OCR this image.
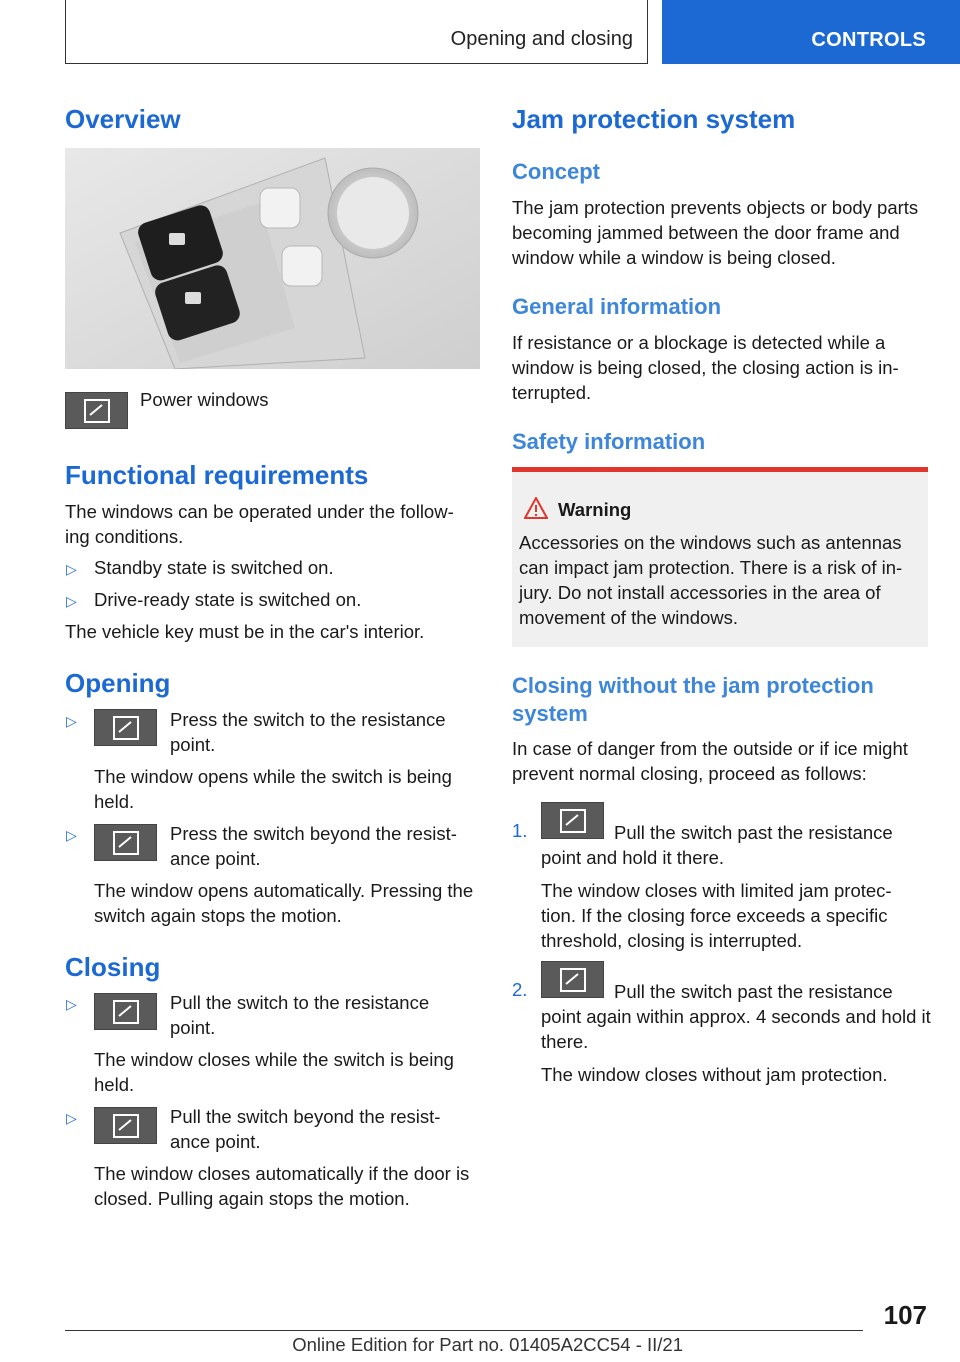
Opening and closing	CONTROLS
Overview

Power windows

Functional requirements

The windows can be operated under the follow-ing conditions.

▷ Standby state is switched on.

▷ Drive-ready state is switched on.

The vehicle key must be in the car's interior.

Opening
▷	Press the switch to the resistance point.

The window opens while the switch is being held.

▷	Press the switch beyond the resist-ance point.

The window opens automatically. Pressing the switch again stops the motion.

Closing
▷	Pull the switch to the resistance point.

The window closes while the switch is being held.

▷	Pull the switch beyond the resist-ance point.

The window closes automatically if the door is closed. Pulling again stops the motion.

Jam protection system
Concept

The jam protection prevents objects or body parts becoming jammed between the door frame and window while a window is being closed.

General information

If resistance or a blockage is detected while a window is being closed, the closing action is in-terrupted.

Safety information

Warning

Accessories on the windows such as antennas can impact jam protection. There is a risk of in-jury. Do not install accessories in the area of movement of the windows.

Closing without the jam protection system

In case of danger from the outside or if ice might prevent normal closing, proceed as follows:

1.	Pull the switch past the resistance point and hold it there.

The window closes with limited jam protec-tion. If the closing force exceeds a specific threshold, closing is interrupted.

2.	Pull the switch past the resistance point again within approx. 4 seconds and hold it there.

The window closes without jam protection.

107
Online Edition for Part no. 01405A2CC54 - II/21
